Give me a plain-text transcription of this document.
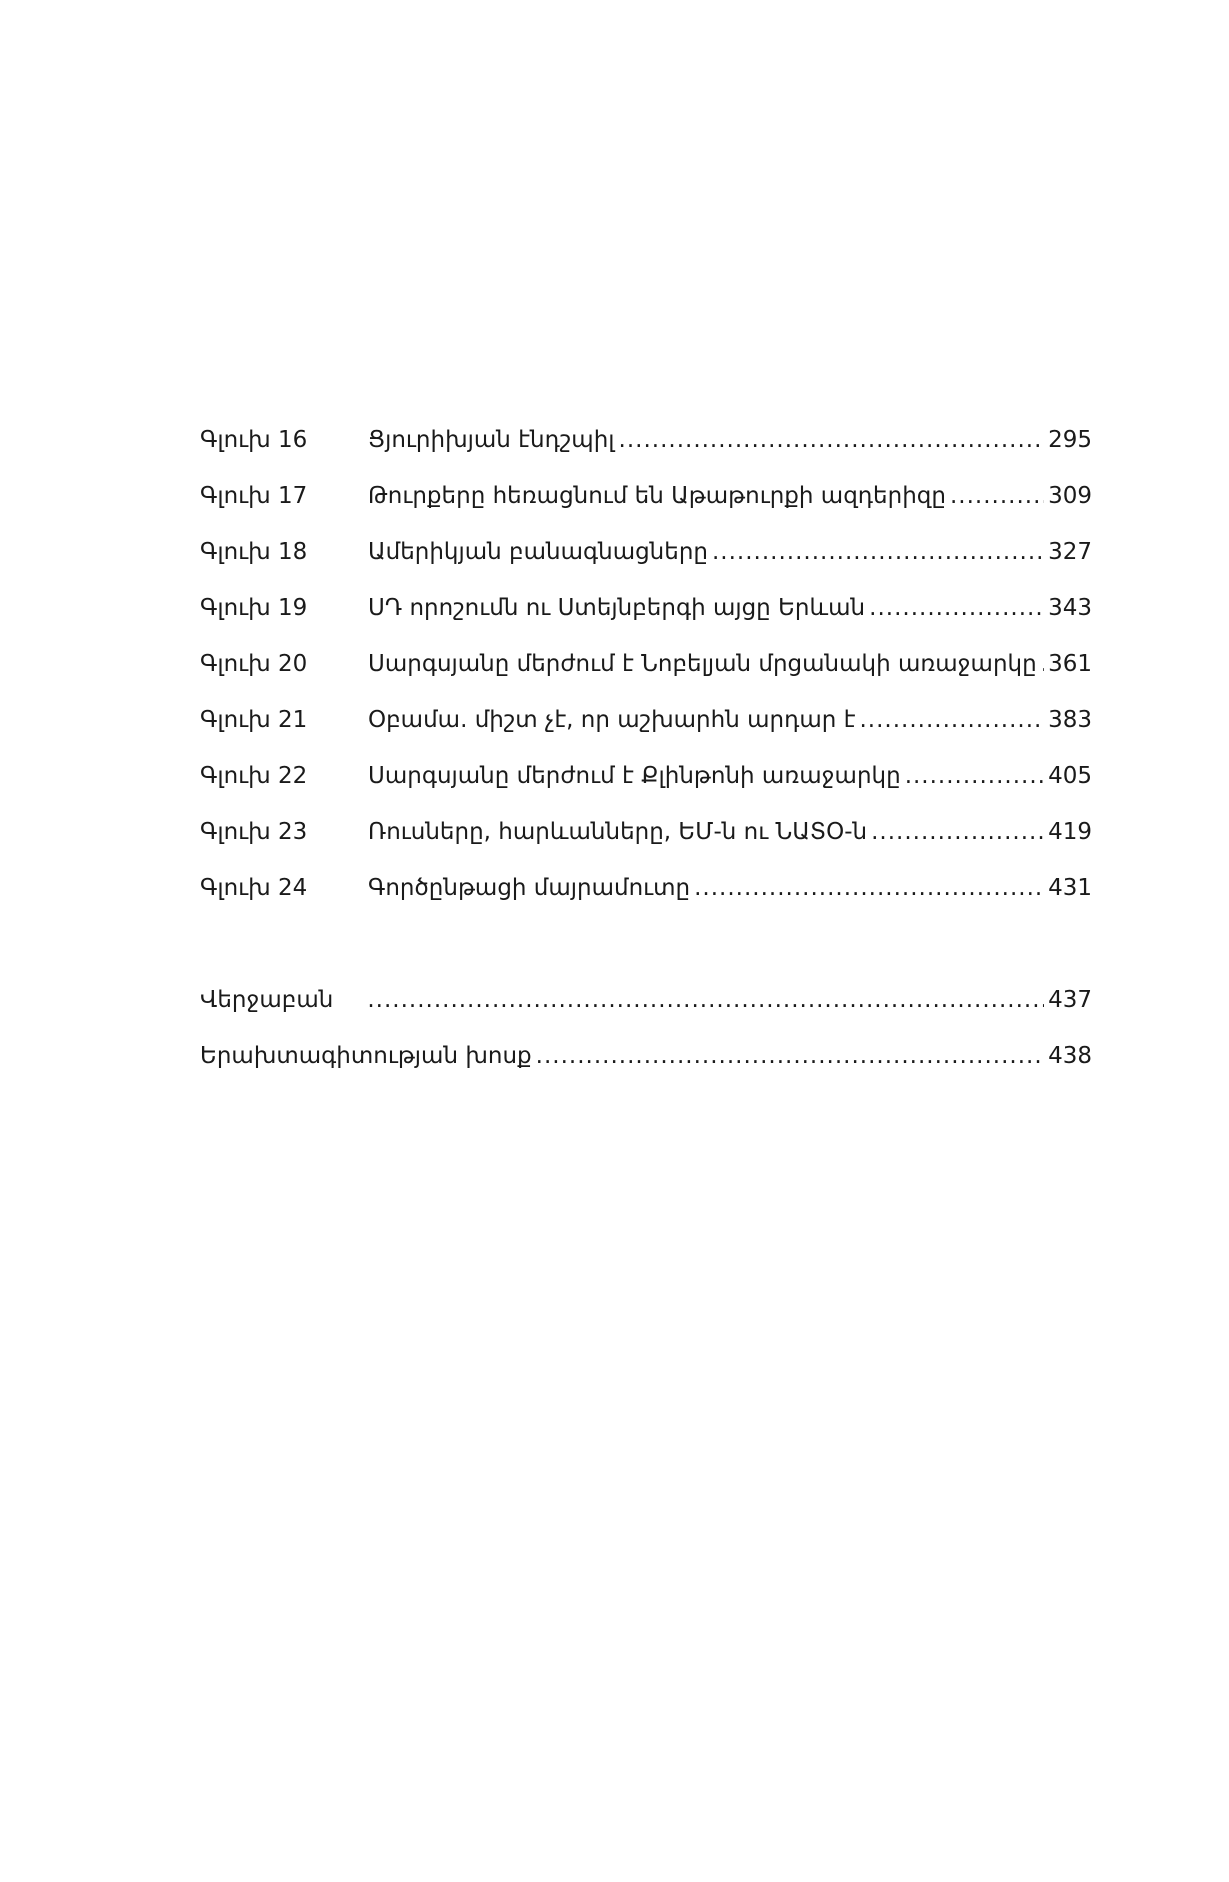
Գլուխ 16	Ցյուրիխյան էնդշպիլ .....	295
Գլուխ 17	Թուրքերը հեռացնում են Աթաթուրքի ազդերիզը .....	309
Գլուխ 18	Ամերիկյան բանագնացները .....	327
Գլուխ 19	ՍԴ որոշումն ու Ստեյնբերգի այցը Երևան .....	343
Գլուխ 20	Սարգսյանը մերժում է Նոբելյան մրցանակի առաջարկը ..... 361
Գլուխ 21	Օբամա. միշտ չէ, որ աշխարհն արդար է .....	383
Գլուխ 22	Սարգսյանը մերժում է Քլինթոնի առաջարկը .....	405
Գլուխ 23	Ռուսները, հարևանները, ԵՄ-ն ու ՆԱՏՕ-ն .....	419
Գլուխ 24	Գործընթացի մայրամուտը .....	431
Վերջաբան .....	437
Երախտագիտության խոսք .....	438
